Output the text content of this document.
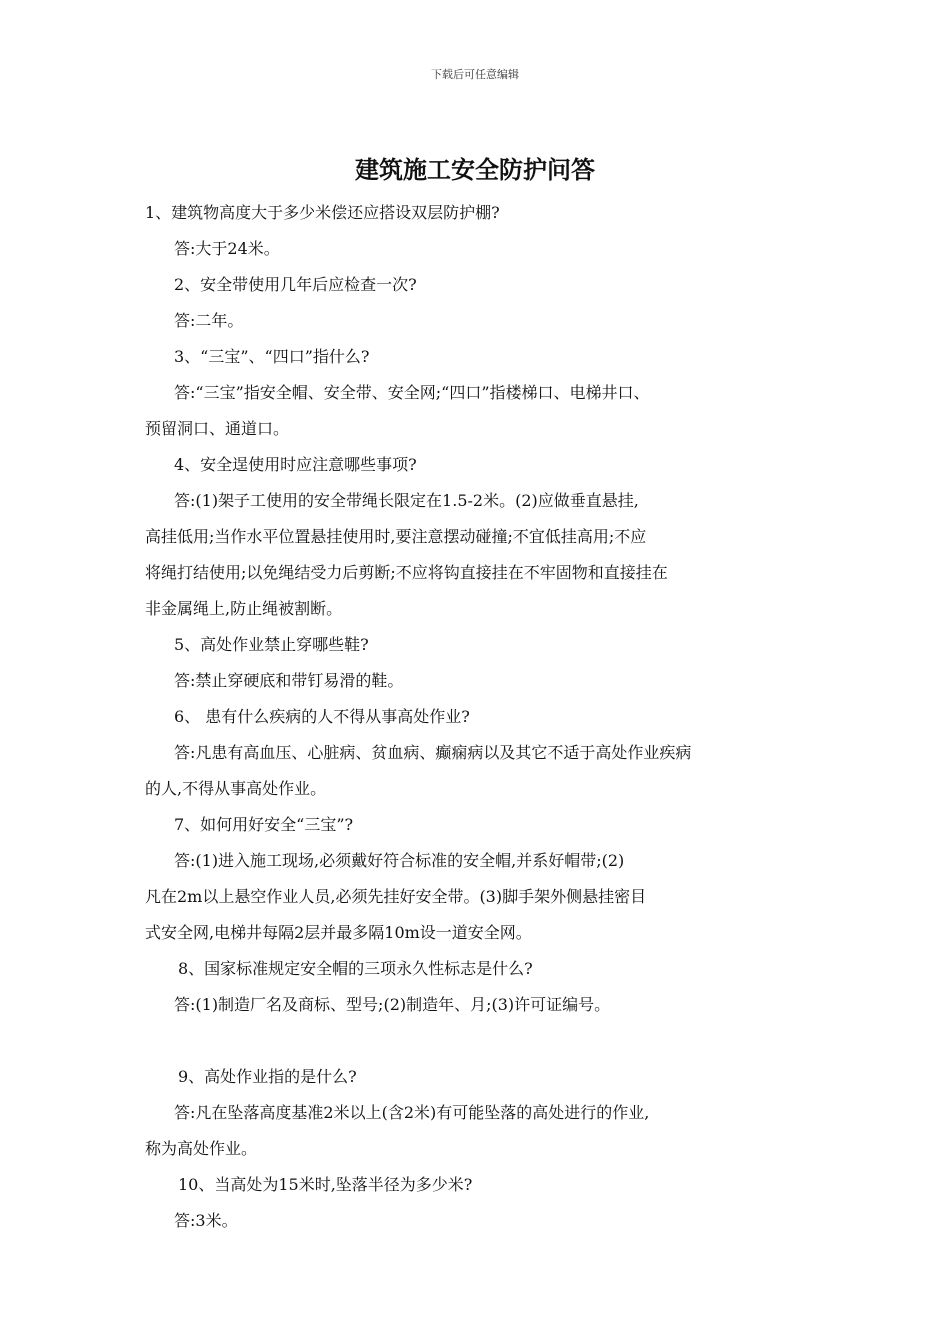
下载后可任意编辑
建筑施工安全防护问答

1、建筑物高度大于多少米偿还应搭设双层防护棚?

答:大于24米。

2、安全带使用几年后应检查一次?

答:二年。

3、“三宝”、“四口”指什么?

答:“三宝”指安全帽、安全带、安全网;“四口”指楼梯口、电梯井口、

预留洞口、通道口。

4、安全逞使用时应注意哪些事项?

答:(1)架子工使用的安全带绳长限定在1.5-2米。(2)应做垂直悬挂,

高挂低用;当作水平位置悬挂使用时,要注意摆动碰撞;不宜低挂高用;不应

将绳打结使用;以免绳结受力后剪断;不应将钩直接挂在不牢固物和直接挂在

非金属绳上,防止绳被割断。

5、高处作业禁止穿哪些鞋?

答:禁止穿硬底和带钉易滑的鞋。

6、 患有什么疾病的人不得从事高处作业?

答:凡患有高血压、心脏病、贫血病、癫痫病以及其它不适于高处作业疾病

的人,不得从事高处作业。

7、如何用好安全“三宝”?

答:(1)进入施工现场,必须戴好符合标准的安全帽,并系好帽带;(2)

凡在2m以上悬空作业人员,必须先挂好安全带。(3)脚手架外侧悬挂密目

式安全网,电梯井每隔2层并最多隔10m设一道安全网。

8、国家标准规定安全帽的三项永久性标志是什么?

答:(1)制造厂名及商标、型号;(2)制造年、月;(3)许可证编号。

9、高处作业指的是什么?

答:凡在坠落高度基准2米以上(含2米)有可能坠落的高处进行的作业,

称为高处作业。

10、当高处为15米时,坠落半径为多少米?

答:3米。
